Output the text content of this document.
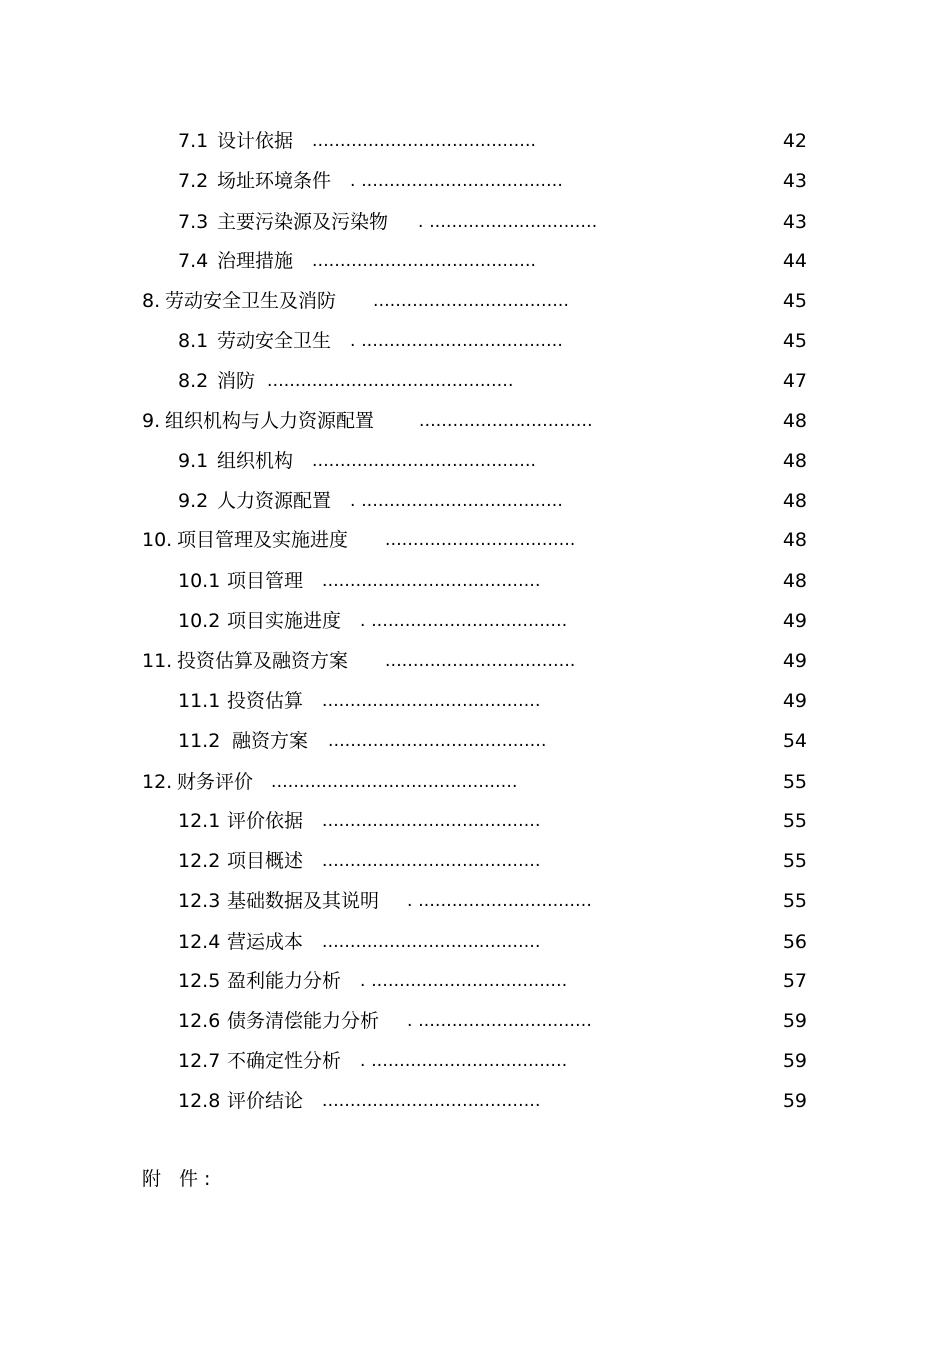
7.1 设计依据 ........................................	42
7.2 场址环境条件 . ....................................	43
7.3 主要污染源及污染物 . ..............................	43
7.4 治理措施 ........................................	44
8. 劳动安全卫生及消防 ...................................	45
8.1 劳动安全卫生 . ....................................	45
8.2 消防 ............................................	47
9. 组织机构与人力资源配置	...............................	48
9.1 组织机构 ........................................	48
9.2 人力资源配置 . ....................................	48
10. 项目管理及实施进度 ..................................	48
10.1 项目管理 .......................................	48
10.2 项目实施进度 . ...................................	49
11. 投资估算及融资方案 ..................................	49
11.1 投资估算 .......................................	49
11.2 融资方案 .......................................	54
12. 财务评价 ............................................	55
12.1 评价依据 .......................................	55
12.2 项目概述 .......................................	55
12.3 基础数据及其说明 . ...............................	55
12.4 营运成本 .......................................	56
12.5 盈利能力分析 . ...................................	57
12.6 债务清偿能力分析 . ...............................	59
12.7 不确定性分析 . ...................................	59
12.8 评价结论 .......................................	59
附 件:
